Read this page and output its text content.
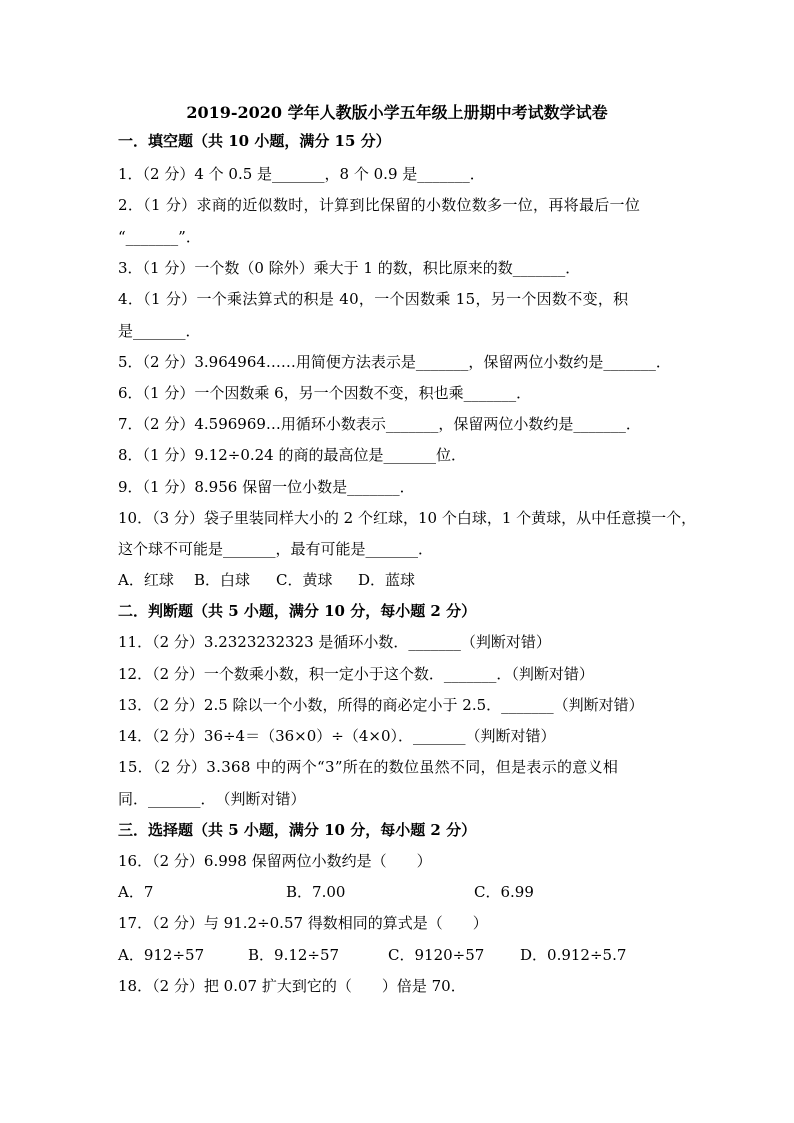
2019-2020 学年人教版小学五年级上册期中考试数学试卷
一．填空题（共 10 小题，满分 15 分）
1．（2 分）4 个 0.5 是_______，8 个 0.9 是_______．
2．（1 分）求商的近似数时，计算到比保留的小数位数多一位，再将最后一位
“_______”．
3．（1 分）一个数（0 除外）乘大于 1 的数，积比原来的数_______．
4．（1 分）一个乘法算式的积是 40，一个因数乘 15，另一个因数不变，积
是_______．
5．（2 分）3.964964……用简便方法表示是_______，保留两位小数约是_______．
6．（1 分）一个因数乘 6，另一个因数不变，积也乘_______．
7．（2 分）4.596969…用循环小数表示_______，保留两位小数约是_______．
8．（1 分）9.12÷0.24 的商的最高位是_______位．
9．（1 分）8.956 保留一位小数是_______．
10．（3 分）袋子里装同样大小的 2 个红球，10 个白球，1 个黄球，从中任意摸一个，
这个球不可能是_______，最有可能是_______．
A．红球 B．白球 C．黄球 D．蓝球
二．判断题（共 5 小题，满分 10 分，每小题 2 分）
11．（2 分）3.2323232323 是循环小数．_______（判断对错）
12．（2 分）一个数乘小数，积一定小于这个数．_______．（判断对错）
13．（2 分）2.5 除以一个小数，所得的商必定小于 2.5．_______（判断对错）
14．（2 分）36÷4＝（36×0）÷（4×0）．_______（判断对错）
15．（2 分）3.368 中的两个“3”所在的数位虽然不同，但是表示的意义相
同．_______．　（判断对错）
三．选择题（共 5 小题，满分 10 分，每小题 2 分）
16．（2 分）6.998 保留两位小数约是（　　）
A．7	B．7.00	C．6.99
17．（2 分）与 91.2÷0.57 得数相同的算式是（　　）
A．912÷57	B．9.12÷57	C．9120÷57 D．0.912÷5.7
18．（2 分）把 0.07 扩大到它的（　　）倍是 70．
